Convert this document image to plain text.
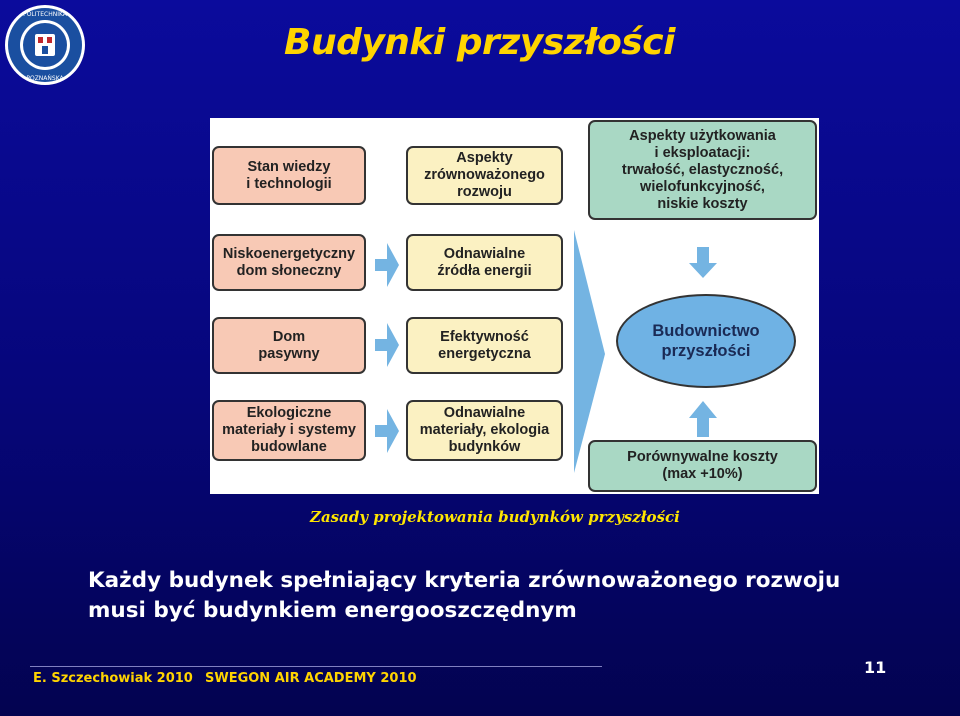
POLITECHNIKA
POZNAŃSKA
Budynki przyszłości
Stan wiedzy
i technologii
Aspekty
zrównoważonego
rozwoju
Aspekty użytkowania
i eksploatacji:
trwałość, elastyczność,
wielofunkcyjność,
niskie koszty
Niskoenergetyczny
dom słoneczny
Odnawialne
źródła energii
Dom
pasywny
Efektywność
energetyczna
Ekologiczne
materiały i systemy
budowlane
Odnawialne
materiały, ekologia
budynków
Budownictwo
przyszłości
Porównywalne koszty
(max +10%)

Zasady projektowania budynków przyszłości

Każdy budynek spełniający kryteria zrównoważonego rozwoju
musi być budynkiem energooszczędnym
E. Szczechowiak 2010 SWEGON AIR ACADEMY 2010
11
